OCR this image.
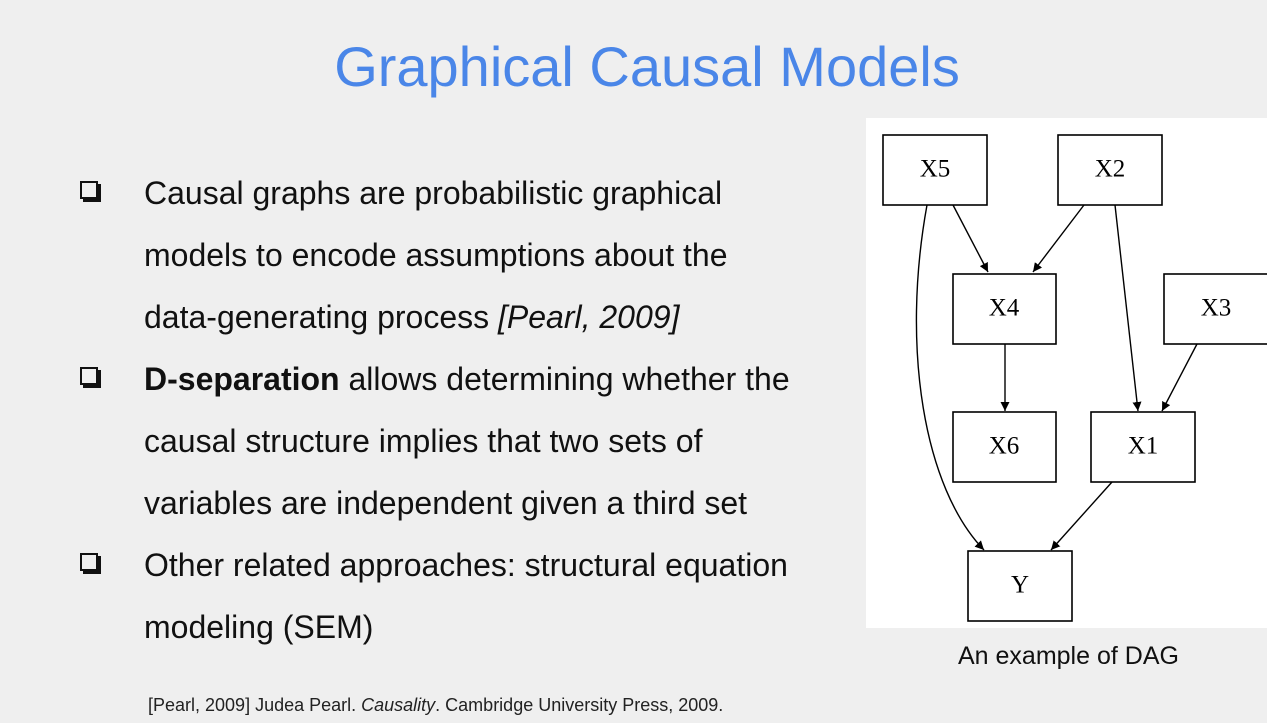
Graphical Causal Models
Causal graphs are probabilistic graphical
models to encode assumptions about the
data-generating process [Pearl, 2009]
D-separation allows determining whether the
causal structure implies that two sets of
variables are independent given a third set
Other related approaches: structural equation
modeling (SEM)
X5	X2
X4	X3
X6	X1
Y
An example of DAG
[Pearl, 2009] Judea Pearl. Causality. Cambridge University Press, 2009.
